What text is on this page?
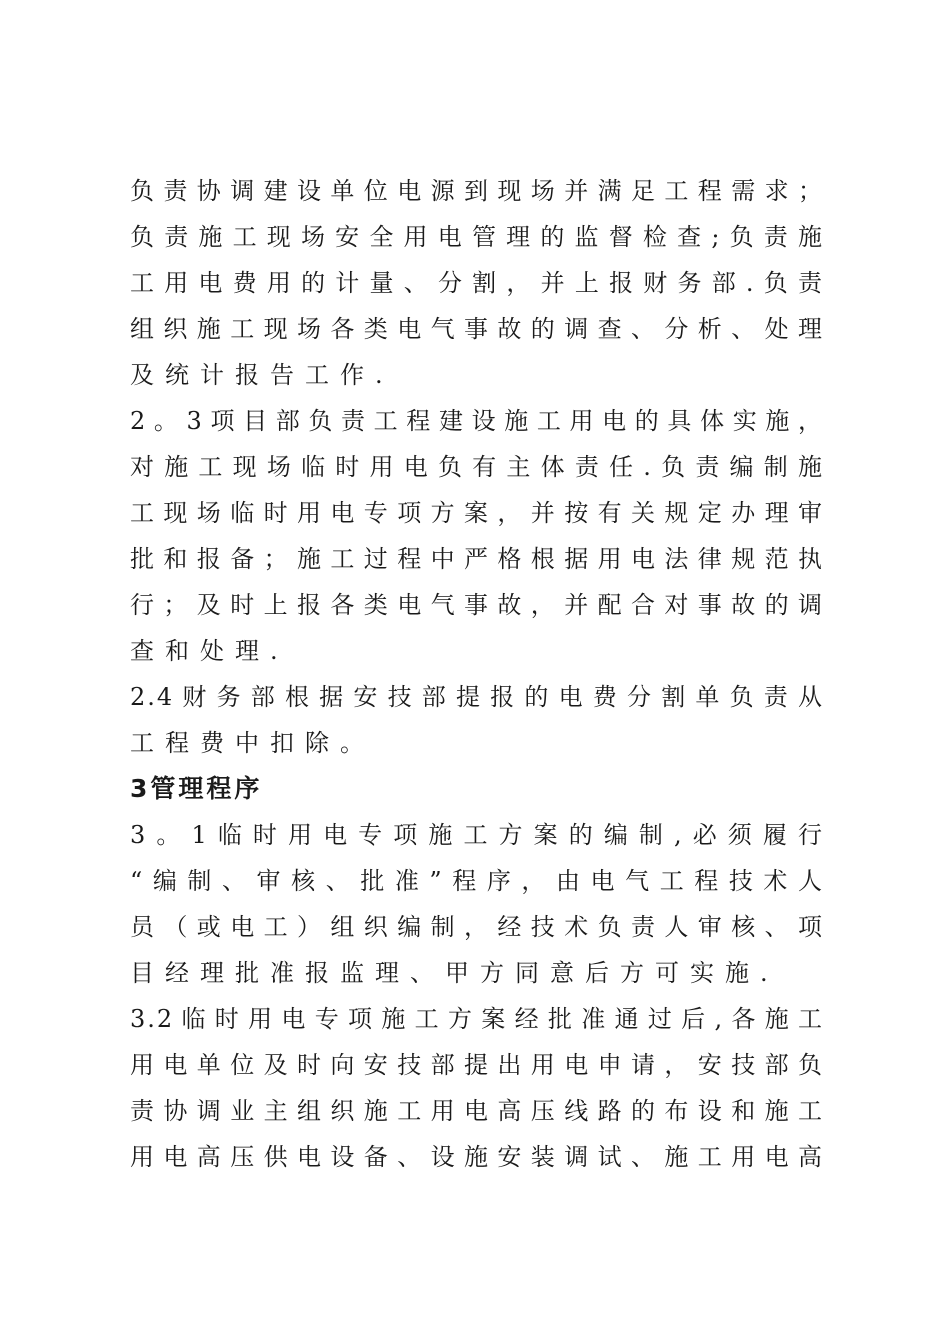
负责协调建设单位电源到现场并满足工程需求；
负责施工现场安全用电管理的监督检查;负责施
工用电费用的计量、分割，并上报财务部.负责
组织施工现场各类电气事故的调查、分析、处理
及统计报告工作.
2。3项目部负责工程建设施工用电的具体实施，
对施工现场临时用电负有主体责任.负责编制施
工现场临时用电专项方案，并按有关规定办理审
批和报备；施工过程中严格根据用电法律规范执
行；及时上报各类电气事故，并配合对事故的调
查和处理.
2.4财务部根据安技部提报的电费分割单负责从
工程费中扣除。
3管理程序
3。1临时用电专项施工方案的编制,必须履行
“编制、审核、批准”程序，由电气工程技术人
员（或电工）组织编制，经技术负责人审核、项
目经理批准报监理、甲方同意后方可实施.
3.2临时用电专项施工方案经批准通过后,各施工
用电单位及时向安技部提出用电申请，安技部负
责协调业主组织施工用电高压线路的布设和施工
用电高压供电设备、设施安装调试、施工用电高
